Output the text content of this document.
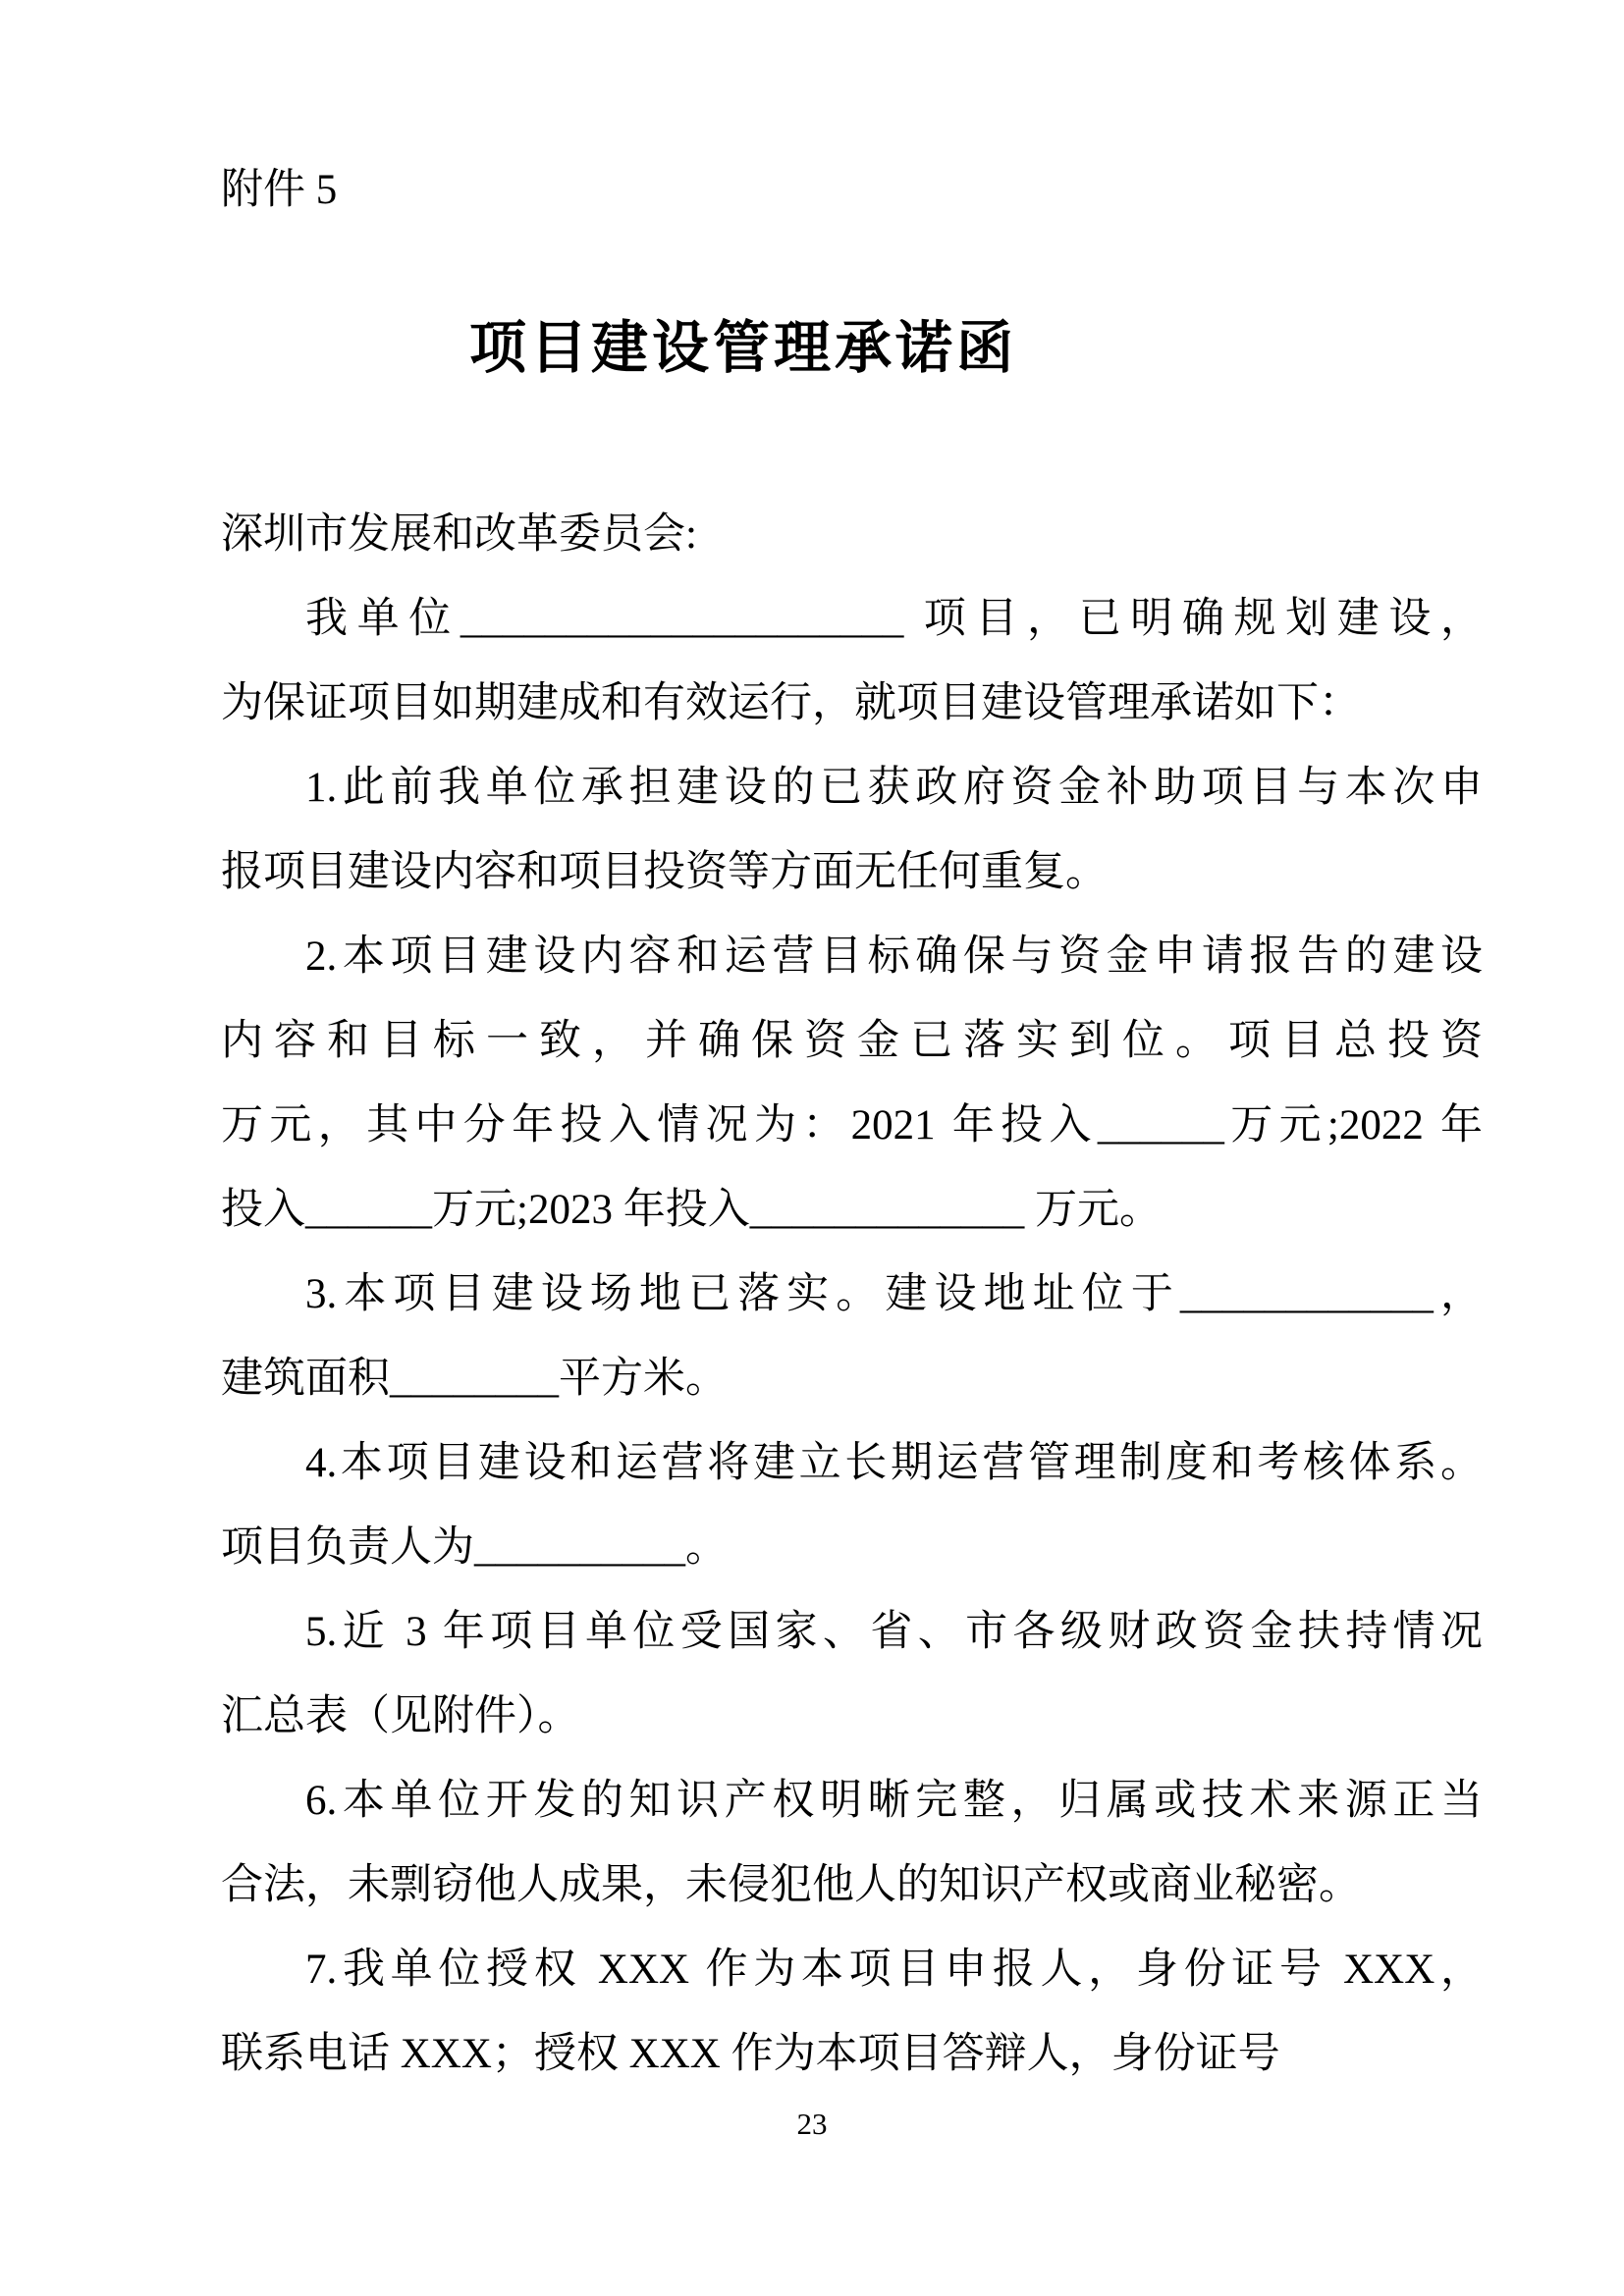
附件 5
项目建设管理承诺函
深圳市发展和改革委员会:
我单位_____________________ 项目，已明确规划建设，
为保证项目如期建成和有效运行，就项目建设管理承诺如下：
1.此前我单位承担建设的已获政府资金补助项目与本次申
报项目建设内容和项目投资等方面无任何重复。
2.本项目建设内容和运营目标确保与资金申请报告的建设
内容和目标一致，并确保资金已落实到位。项目总投资
万元，其中分年投入情况为：2021 年投入______万元;2022 年
投入______万元;2023 年投入_____________ 万元。
3.本项目建设场地已落实。建设地址位于____________，
建筑面积________平方米。
4.本项目建设和运营将建立长期运营管理制度和考核体系。
项目负责人为__________。
5.近 3 年项目单位受国家、省、市各级财政资金扶持情况
汇总表（见附件）。
6.本单位开发的知识产权明晰完整，归属或技术来源正当
合法，未剽窃他人成果，未侵犯他人的知识产权或商业秘密。
7.我单位授权 XXX 作为本项目申报人，身份证号 XXX，
联系电话 XXX；授权 XXX 作为本项目答辩人，身份证号
23
